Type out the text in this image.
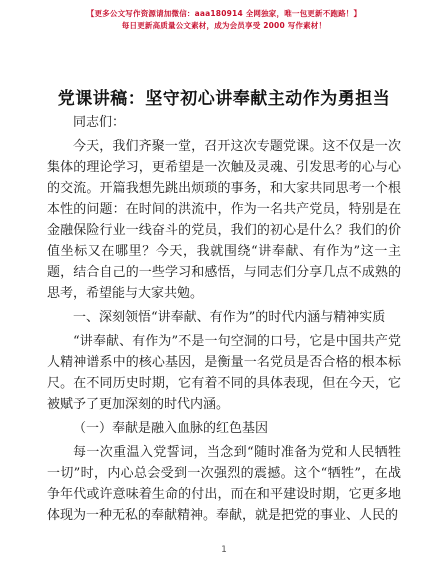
【更多公文写作资源请加微信：aaa180914 全网独家，唯一包更新不跑路！】
每日更新高质量公文素材，成为会员享受 2000 写作素材！
党课讲稿：坚守初心讲奉献主动作为勇担当

同志们：

今天，我们齐聚一堂，召开这次专题党课。这不仅是一次集体的理论学习，更希望是一次触及灵魂、引发思考的心与心的交流。开篇我想先跳出烦琐的事务，和大家共同思考一个根本性的问题：在时间的洪流中，作为一名共产党员，特别是在金融保险行业一线奋斗的党员，我们的初心是什么？我们的价值坐标又在哪里？今天，我就围绕“讲奉献、有作为”这一主题，结合自己的一些学习和感悟，与同志们分享几点不成熟的思考，希望能与大家共勉。

一、深刻领悟“讲奉献、有作为”的时代内涵与精神实质

“讲奉献、有作为”不是一句空洞的口号，它是中国共产党人精神谱系中的核心基因，是衡量一名党员是否合格的根本标尺。在不同历史时期，它有着不同的具体表现，但在今天，它被赋予了更加深刻的时代内涵。

（一）奉献是融入血脉的红色基因

每一次重温入党誓词，当念到“随时准备为党和人民牺牲一切”时，内心总会受到一次强烈的震撼。这个“牺牲”，在战争年代或许意味着生命的付出，而在和平建设时期，它更多地体现为一种无私的奉献精神。奉献，就是把党的事业、人民的

1
